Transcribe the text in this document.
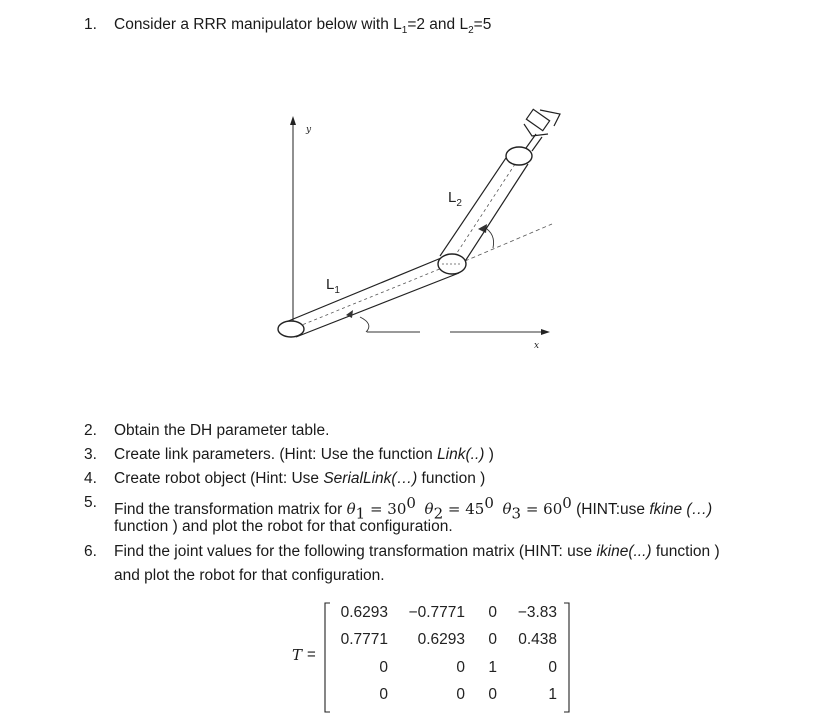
1. Consider a RRR manipulator below with $L_1=2$ and $L_2=5$
y
x
$L_1$
$L_2$
2. Obtain the DH parameter table.
3. Create link parameters. (Hint: Use the function Link(..) )
4. Create robot object (Hint: Use SerialLink(…) function )
5. Find the transformation matrix for $\theta_1 = 30^0$ $\theta_2 = 45^0$ $\theta_3 = 60^0$ (HINT:use fkine (…)
function ) and plot the robot for that configuration.
6. Find the joint values for the following transformation matrix (HINT: use ikine(...) function )
and plot the robot for that configuration.
T =
0.6293 −0.7771 0 −3.83
0.7771 0.6293 0 0.438
0	0 1	0
0	0 0	1
